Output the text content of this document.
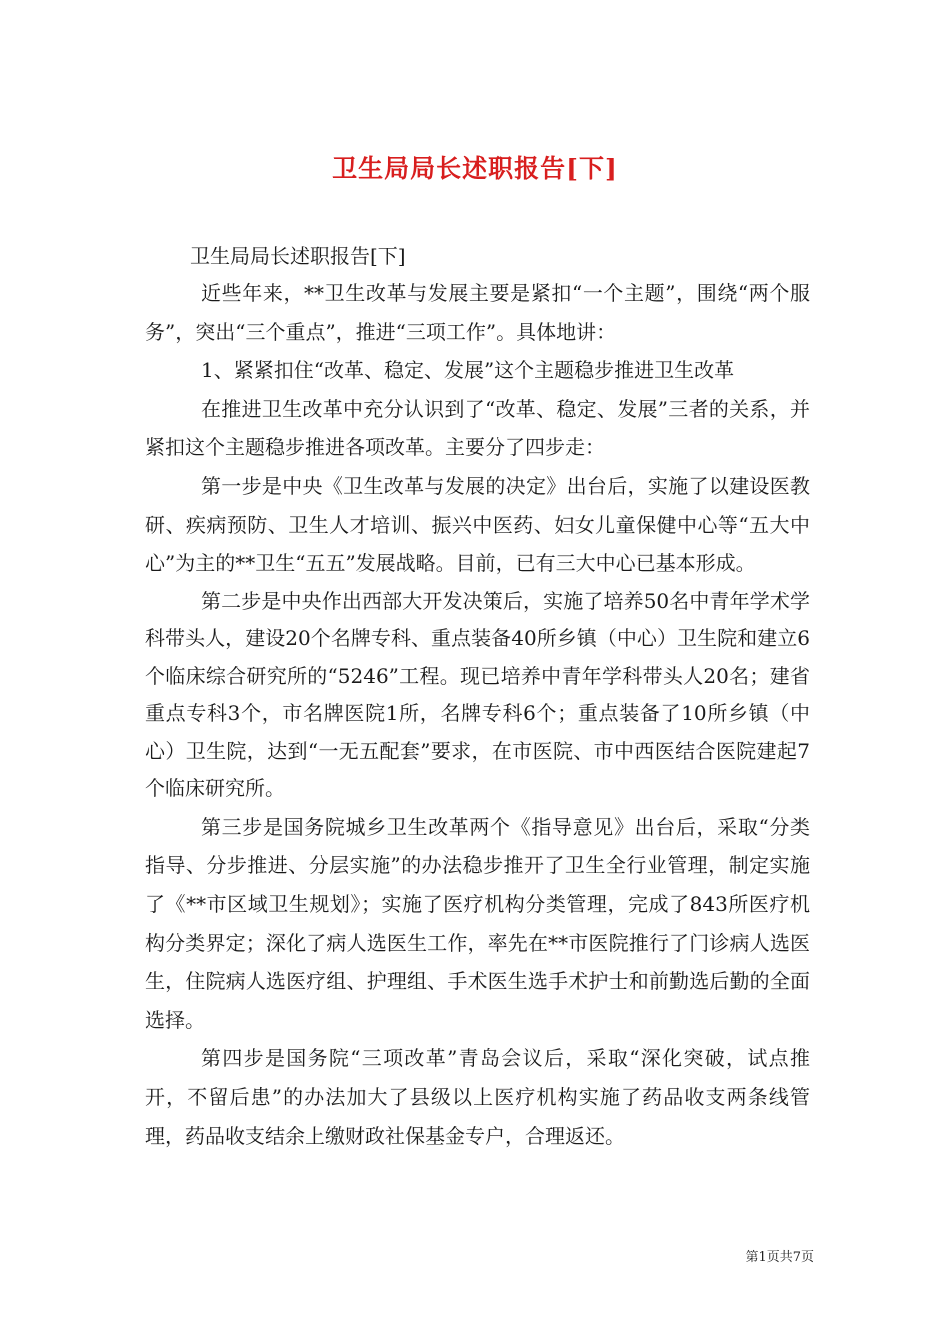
卫生局局长述职报告[下]

卫生局局长述职报告[下]

近些年来，**卫生改革与发展主要是紧扣“一个主题”，围绕“两个服务”，突出“三个重点”，推进“三项工作”。具体地讲：

1、紧紧扣住“改革、稳定、发展”这个主题稳步推进卫生改革

在推进卫生改革中充分认识到了“改革、稳定、发展”三者的关系，并紧扣这个主题稳步推进各项改革。主要分了四步走：

第一步是中央《卫生改革与发展的决定》出台后，实施了以建设医教研、疾病预防、卫生人才培训、振兴中医药、妇女儿童保健中心等“五大中心”为主的**卫生“五五”发展战略。目前，已有三大中心已基本形成。

第二步是中央作出西部大开发决策后，实施了培养50名中青年学术学科带头人，建设20个名牌专科、重点装备40所乡镇（中心）卫生院和建立6个临床综合研究所的“5246”工程。现已培养中青年学科带头人20名；建省重点专科3个，市名牌医院1所，名牌专科6个；重点装备了10所乡镇（中心）卫生院，达到“一无五配套”要求，在市医院、市中西医结合医院建起7个临床研究所。

第三步是国务院城乡卫生改革两个《指导意见》出台后，采取“分类指导、分步推进、分层实施”的办法稳步推开了卫生全行业管理，制定实施了《**市区域卫生规划》；实施了医疗机构分类管理，完成了843所医疗机构分类界定；深化了病人选医生工作，率先在**市医院推行了门诊病人选医生，住院病人选医疗组、护理组、手术医生选手术护士和前勤选后勤的全面选择。

第四步是国务院“三项改革”青岛会议后，采取“深化突破，试点推开，不留后患”的办法加大了县级以上医疗机构实施了药品收支两条线管理，药品收支结余上缴财政社保基金专户，合理返还。

第1页共7页
